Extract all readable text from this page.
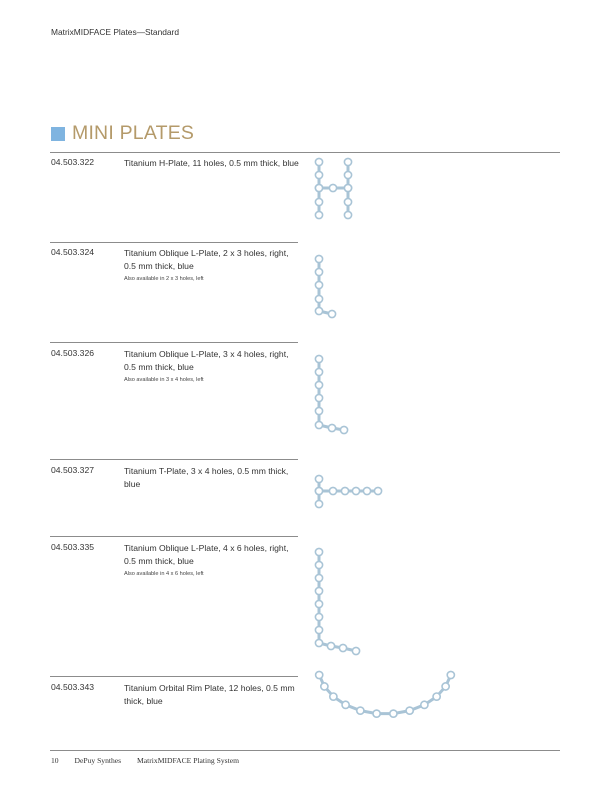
MatrixMIDFACE Plates—Standard
MINI PLATES
04.503.322	Titanium H-Plate, 11 holes, 0.5 mm thick, blue
04.503.324	Titanium Oblique L-Plate, 2 x 3 holes, right, 0.5 mm thick, blue
Also available in 2 x 3 holes, left
04.503.326	Titanium Oblique L-Plate, 3 x 4 holes, right, 0.5 mm thick, blue
Also available in 3 x 4 holes, left
04.503.327	Titanium T-Plate, 3 x 4 holes, 0.5 mm thick, blue
04.503.335	Titanium Oblique L-Plate, 4 x 6 holes, right, 0.5 mm thick, blue
Also available in 4 x 6 holes, left
04.503.343	Titanium Orbital Rim Plate, 12 holes, 0.5 mm thick, blue
10 DePuy Synthes MatrixMIDFACE Plating System
